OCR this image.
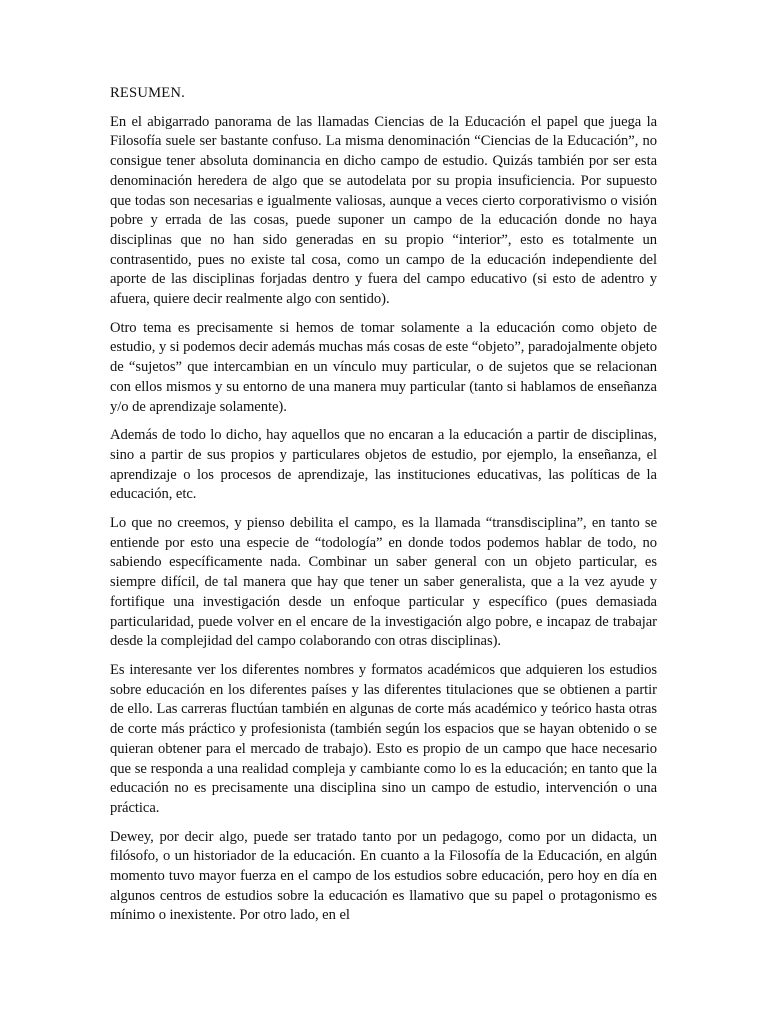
RESUMEN.

En el abigarrado panorama de las llamadas Ciencias de la Educación el papel que juega la Filosofía suele ser bastante confuso. La misma denominación “Ciencias de la Educación”, no consigue tener absoluta dominancia en dicho campo de estudio. Quizás también por ser esta denominación heredera de algo que se autodelata por su propia insuficiencia. Por supuesto que todas son necesarias e igualmente valiosas, aunque a veces cierto corporativismo o visión pobre y errada de las cosas, puede suponer un campo de la educación donde no haya disciplinas que no han sido generadas en su propio “interior”, esto es totalmente un contrasentido, pues no existe tal cosa, como un campo de la educación independiente del aporte de las disciplinas forjadas dentro y fuera del campo educativo (si esto de adentro y afuera, quiere decir realmente algo con sentido).

Otro tema es precisamente si hemos de tomar solamente a la educación como objeto de estudio, y si podemos decir además muchas más cosas de este “objeto”, paradojalmente objeto de “sujetos” que intercambian en un vínculo muy particular, o de sujetos que se relacionan con ellos mismos y su entorno de una manera muy particular (tanto si hablamos de enseñanza y/o de aprendizaje solamente).

Además de todo lo dicho, hay aquellos que no encaran a la educación a partir de disciplinas, sino a partir de sus propios y particulares objetos de estudio, por ejemplo, la enseñanza, el aprendizaje o los procesos de aprendizaje, las instituciones educativas, las políticas de la educación, etc.

Lo que no creemos, y pienso debilita el campo, es la llamada “transdisciplina”, en tanto se entiende por esto una especie de “todología” en donde todos podemos hablar de todo, no sabiendo específicamente nada. Combinar un saber general con un objeto particular, es siempre difícil, de tal manera que hay que tener un saber generalista, que a la vez ayude y fortifique una investigación desde un enfoque particular y específico (pues demasiada particularidad, puede volver en el encare de la investigación algo pobre, e incapaz de trabajar desde la complejidad del campo colaborando con otras disciplinas).

Es interesante ver los diferentes nombres y formatos académicos que adquieren los estudios sobre educación en los diferentes países y las diferentes titulaciones que se obtienen a partir de ello. Las carreras fluctúan también en algunas de corte más académico y teórico hasta otras de corte más práctico y profesionista (también según los espacios que se hayan obtenido o se quieran obtener para el mercado de trabajo). Esto es propio de un campo que hace necesario que se responda a una realidad compleja y cambiante como lo es la educación; en tanto que la educación no es precisamente una disciplina sino un campo de estudio, intervención o una práctica.

Dewey, por decir algo, puede ser tratado tanto por un pedagogo, como por un didacta, un filósofo, o un historiador de la educación. En cuanto a la Filosofía de la Educación, en algún momento tuvo mayor fuerza en el campo de los estudios sobre educación, pero hoy en día en algunos centros de estudios sobre la educación es llamativo que su papel o protagonismo es mínimo o inexistente. Por otro lado, en el
